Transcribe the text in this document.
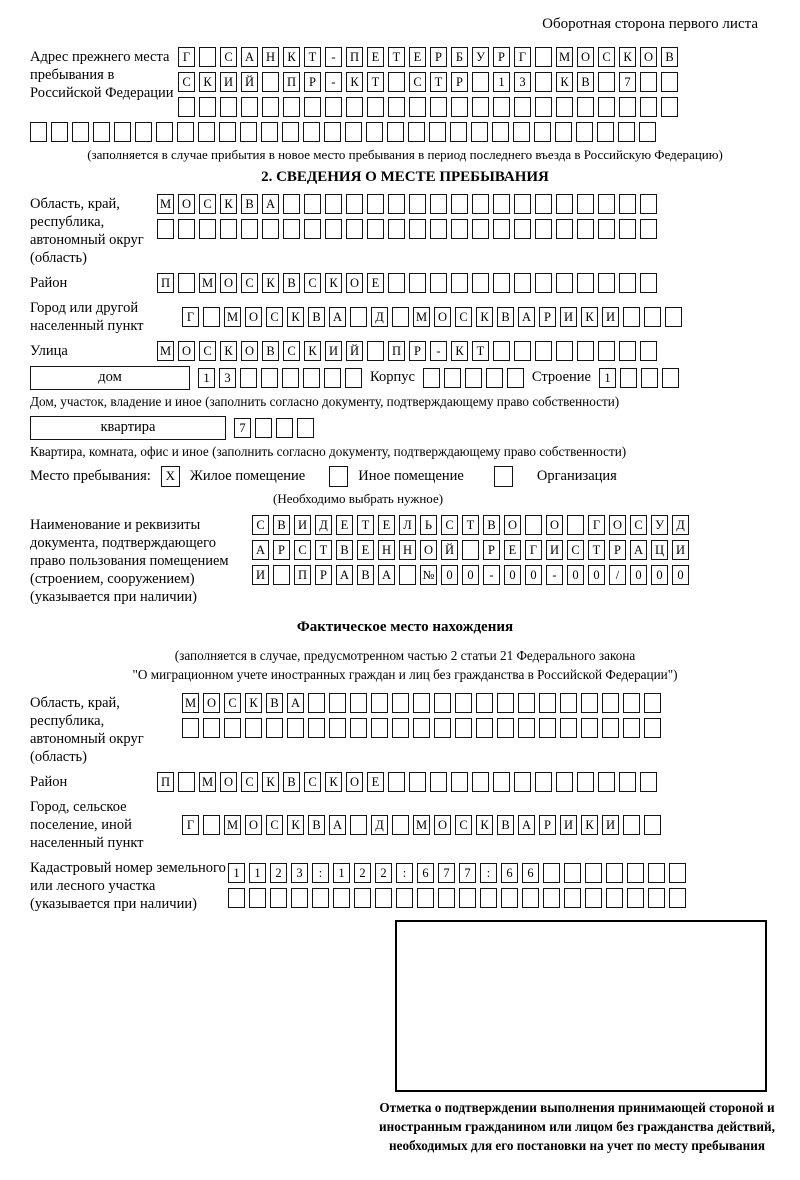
Оборотная сторона первого листа
Адрес прежнего места пребывания в Российской Федерации
Г	С А Н К	Т	-	П	Е	Т	Е	Р	Б	У	Р	Г	М О С	К О В
С	К И Й	П	Р	-	К	Т	С	Т	Р	1	3	К	В	7
(заполняется в случае прибытия в новое место пребывания в период последнего въезда в Российскую Федерацию)
2. СВЕДЕНИЯ О МЕСТЕ ПРЕБЫВАНИЯ
Область, край, республика, автономный округ (область)
М О С	К	В А
Район	П	М О С	К	В	С	К О	Е
Город или другой населенный пункт
Г	М О С	К	В А	Д	М О С	К	В А	Р	И К И
Улица	М О С	К О В	С	К И Й	П	Р	-	К	Т
дом	1	3	Корпус	Строение	1
Дом, участок, владение и иное (заполнить согласно документу, подтверждающему право собственности)
квартира	7
Квартира, комната, офис и иное (заполнить согласно документу, подтверждающему право собственности)
Место пребывания:	X	Жилое помещение	Иное помещение	Организация
(Необходимо выбрать нужное)
Наименование и реквизиты документа, подтверждающего право пользования помещением (строением, сооружением) (указывается при наличии)
С	В И Д	Е	Т	Е	Л	Ь	С	Т	В О	О	Г	О С У Д
А	Р	С	Т	В	Е	Н Н О Й	Р	Е	Г	И С	Т	Р	А Ц И
И	П	Р	А В А	№ 0	0	-	0	0	-	0	0	/	0	0	0
Фактическое место нахождения
(заполняется в случае, предусмотренном частью 2 статьи 21 Федерального закона
"О миграционном учете иностранных граждан и лиц без гражданства в Российской Федерации")
Область, край, республика, автономный округ (область)
М О С	К	В А
Район	П	М О С	К	В	С	К О	Е
Город, сельское поселение, иной населенный пункт
Г	М О С	К	В А	Д	М О С	К	В А	Р	И К И
Кадастровый номер земельного или лесного участка (указывается при наличии)
1	1	2	3	:	1	2	2	:	6	7	7	:	6	6
Отметка о подтверждении выполнения принимающей стороной и иностранным гражданином или лицом без гражданства действий, необходимых для его постановки на учет по месту пребывания
